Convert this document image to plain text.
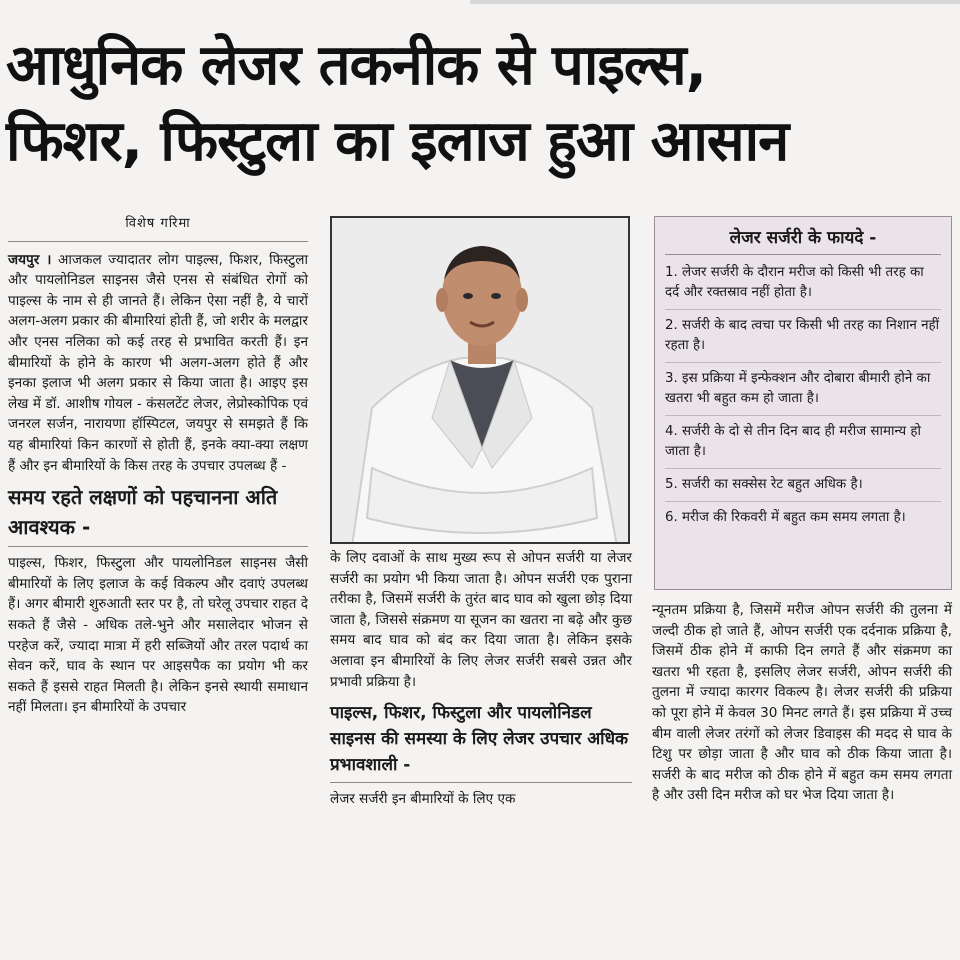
आधुनिक लेजर तकनीक से पाइल्स,
फिशर, फिस्टुला का इलाज हुआ आसान
विशेष गरिमा

जयपुर । आजकल ज्यादातर लोग पाइल्स, फिशर, फिस्टुला और पायलोनिडल साइनस जैसे एनस से संबंधित रोगों को पाइल्स के नाम से ही जानते हैं। लेकिन ऐसा नहीं है, ये चारों अलग-अलग प्रकार की बीमारियां होती हैं, जो शरीर के मलद्वार और एनस नलिका को कई तरह से प्रभावित करती हैं। इन बीमारियों के होने के कारण भी अलग-अलग होते हैं और इनका इलाज भी अलग प्रकार से किया जाता है। आइए इस लेख में डॉ. आशीष गोयल - कंसलटेंट लेजर, लेप्रोस्कोपिक एवं जनरल सर्जन, नारायणा हॉस्पिटल, जयपुर से समझते हैं कि यह बीमारियां किन कारणों से होती हैं, इनके क्या-क्या लक्षण हैं और इन बीमारियों के किस तरह के उपचार उपलब्ध हैं -

समय रहते लक्षणों को पहचानना अति आवश्यक -

पाइल्स, फिशर, फिस्टुला और पायलोनिडल साइनस जैसी बीमारियों के लिए इलाज के कई विकल्प और दवाएं उपलब्ध हैं। अगर बीमारी शुरुआती स्तर पर है, तो घरेलू उपचार राहत दे सकते हैं जैसे - अधिक तले-भुने और मसालेदार भोजन से परहेज करें, ज्यादा मात्रा में हरी सब्जियों और तरल पदार्थ का सेवन करें, घाव के स्थान पर आइसपैक का प्रयोग भी कर सकते हैं इससे राहत मिलती है। लेकिन इनसे स्थायी समाधान नहीं मिलता। इन बीमारियों के उपचार

लेजर सर्जरी के फायदे -
1. लेजर सर्जरी के दौरान मरीज को किसी भी तरह का दर्द और रक्तस्राव नहीं होता है।
2. सर्जरी के बाद त्वचा पर किसी भी तरह का निशान नहीं रहता है।
3. इस प्रक्रिया में इन्फेक्शन और दोबारा बीमारी होने का खतरा भी बहुत कम हो जाता है।
4. सर्जरी के दो से तीन दिन बाद ही मरीज सामान्य हो जाता है।
5. सर्जरी का सक्सेस रेट बहुत अधिक है।
6. मरीज की रिकवरी में बहुत कम समय लगता है।

के लिए दवाओं के साथ मुख्य रूप से ओपन सर्जरी या लेजर सर्जरी का प्रयोग भी किया जाता है। ओपन सर्जरी एक पुराना तरीका है, जिसमें सर्जरी के तुरंत बाद घाव को खुला छोड़ दिया जाता है, जिससे संक्रमण या सूजन का खतरा ना बढ़े और कुछ समय बाद घाव को बंद कर दिया जाता है। लेकिन इसके अलावा इन बीमारियों के लिए लेजर सर्जरी सबसे उन्नत और प्रभावी प्रक्रिया है।

पाइल्स, फिशर, फिस्टुला और पायलोनिडल साइनस की समस्या के लिए लेजर उपचार अधिक प्रभावशाली -

लेजर सर्जरी इन बीमारियों के लिए एक

न्यूनतम प्रक्रिया है, जिसमें मरीज ओपन सर्जरी की तुलना में जल्दी ठीक हो जाते हैं, ओपन सर्जरी एक दर्दनाक प्रक्रिया है, जिसमें ठीक होने में काफी दिन लगते हैं और संक्रमण का खतरा भी रहता है, इसलिए लेजर सर्जरी, ओपन सर्जरी की तुलना में ज्यादा कारगर विकल्प है। लेजर सर्जरी की प्रक्रिया को पूरा होने में केवल 30 मिनट लगते हैं। इस प्रक्रिया में उच्च बीम वाली लेजर तरंगों को लेजर डिवाइस की मदद से घाव के टिशु पर छोड़ा जाता है और घाव को ठीक किया जाता है। सर्जरी के बाद मरीज को ठीक होने में बहुत कम समय लगता है और उसी दिन मरीज को घर भेज दिया जाता है।
